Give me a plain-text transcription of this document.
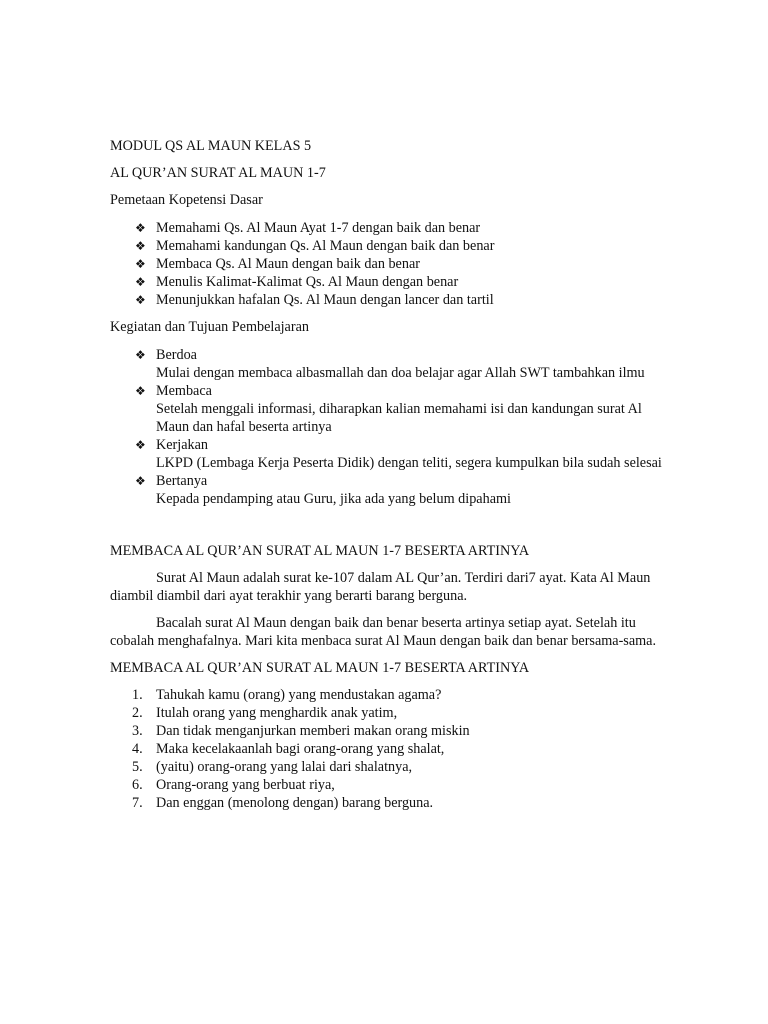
MODUL QS AL MAUN KELAS 5

AL QUR’AN SURAT AL MAUN 1-7

Pemetaan Kopetensi Dasar

❖ Memahami Qs. Al Maun Ayat 1-7 dengan baik dan benar
❖ Memahami kandungan Qs. Al Maun dengan baik dan benar
❖ Membaca Qs. Al Maun dengan baik dan benar
❖ Menulis Kalimat-Kalimat Qs. Al Maun dengan benar
❖ Menunjukkan hafalan Qs. Al Maun dengan lancer dan tartil

Kegiatan dan Tujuan Pembelajaran

❖ Berdoa
Mulai dengan membaca albasmallah dan doa belajar agar Allah SWT tambahkan ilmu
❖ Membaca
Setelah menggali informasi, diharapkan kalian memahami isi dan kandungan surat Al Maun dan hafal beserta artinya
❖ Kerjakan
LKPD (Lembaga Kerja Peserta Didik) dengan teliti, segera kumpulkan bila sudah selesai
❖ Bertanya
Kepada pendamping atau Guru, jika ada yang belum dipahami

MEMBACA AL QUR’AN SURAT AL MAUN 1-7 BESERTA ARTINYA

Surat Al Maun adalah surat ke-107 dalam AL Qur’an. Terdiri dari7 ayat. Kata Al Maun diambil diambil dari ayat terakhir yang berarti barang berguna.

Bacalah surat Al Maun dengan baik dan benar beserta artinya setiap ayat. Setelah itu cobalah menghafalnya. Mari kita menbaca surat Al Maun dengan baik dan benar bersama-sama.

MEMBACA AL QUR’AN SURAT AL MAUN 1-7 BESERTA ARTINYA

1. Tahukah kamu (orang) yang mendustakan agama?
2. Itulah orang yang menghardik anak yatim,
3. Dan tidak menganjurkan memberi makan orang miskin
4. Maka kecelakaanlah bagi orang-orang yang shalat,
5. (yaitu) orang-orang yang lalai dari shalatnya,
6. Orang-orang yang berbuat riya,
7. Dan enggan (menolong dengan) barang berguna.
